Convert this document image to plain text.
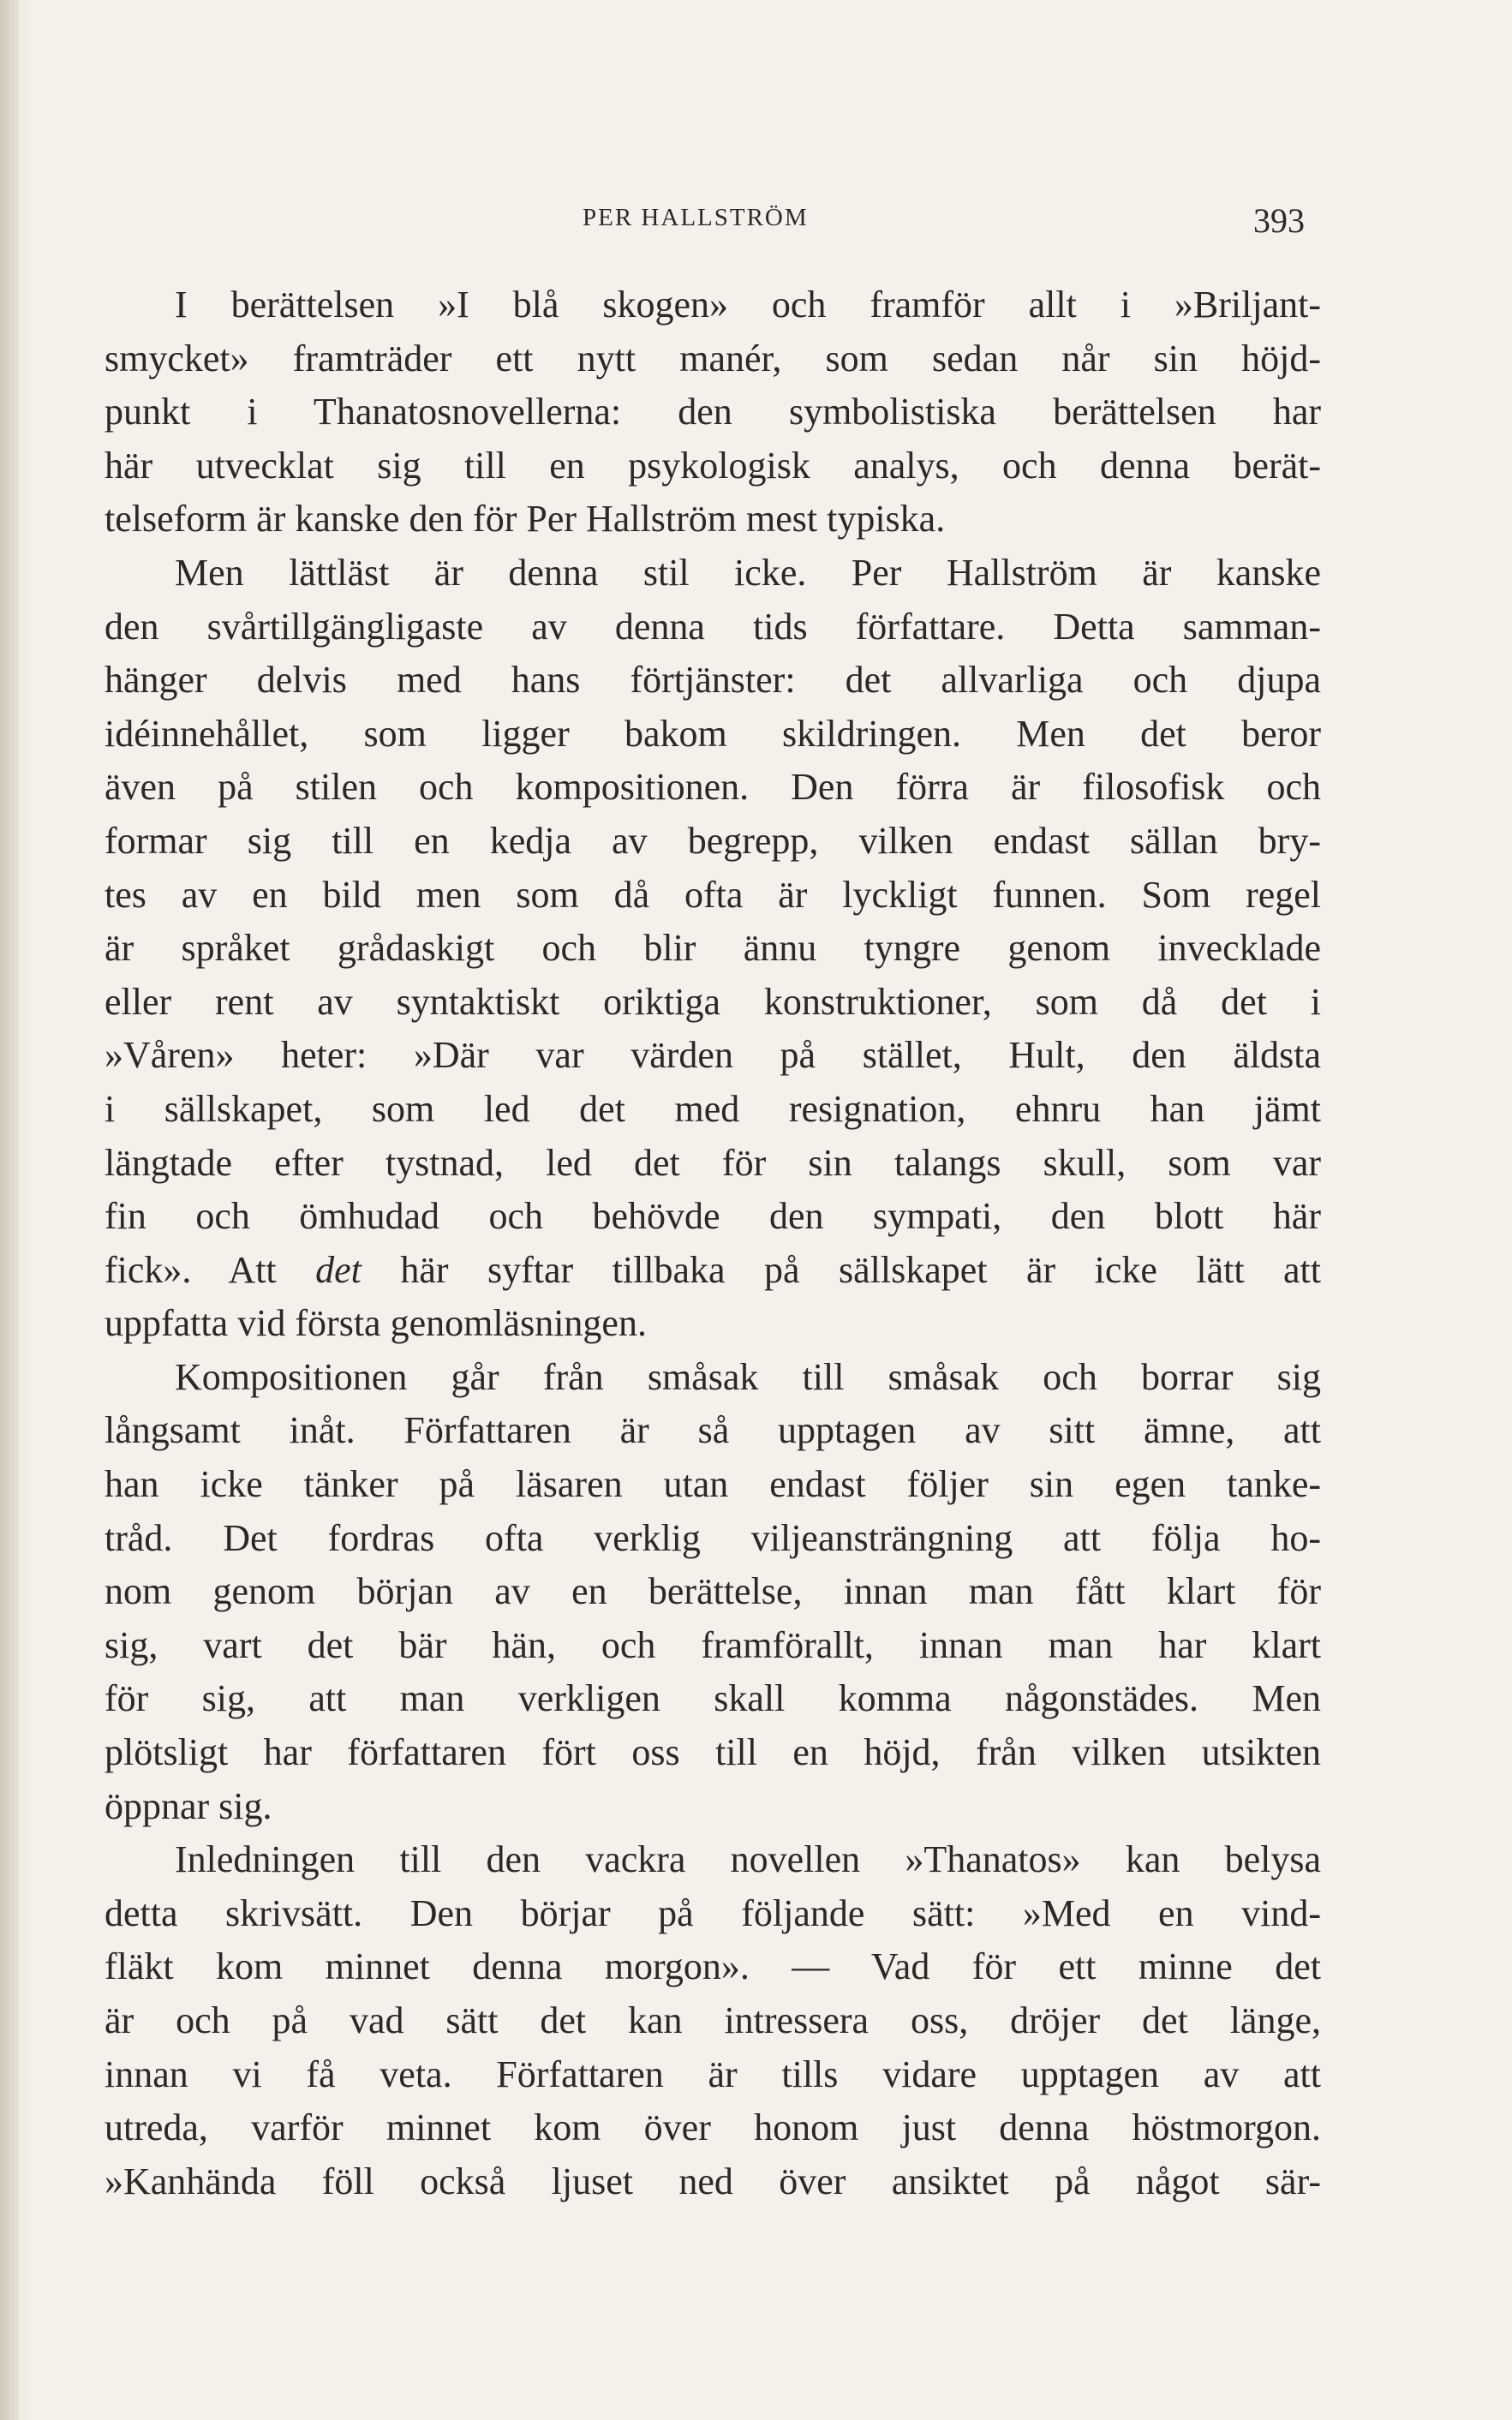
PER HALLSTRÖM	393
I berättelsen »I blå skogen» och framför allt i »Briljant-
smycket» framträder ett nytt manér, som sedan når sin höjd-
punkt i Thanatosnovellerna: den symbolistiska berättelsen har
här utvecklat sig till en psykologisk analys, och denna berät-
telseform är kanske den för Per Hallström mest typiska.
Men lättläst är denna stil icke. Per Hallström är kanske
den svårtillgängligaste av denna tids författare. Detta samman-
hänger delvis med hans förtjänster: det allvarliga och djupa
idéinnehållet, som ligger bakom skildringen. Men det beror
även på stilen och kompositionen. Den förra är filosofisk och
formar sig till en kedja av begrepp, vilken endast sällan bry-
tes av en bild men som då ofta är lyckligt funnen. Som regel
är språket grådaskigt och blir ännu tyngre genom invecklade
eller rent av syntaktiskt oriktiga konstruktioner, som då det i
»Våren» heter: »Där var värden på stället, Hult, den äldsta
i sällskapet, som led det med resignation, ehnru han jämt
längtade efter tystnad, led det för sin talangs skull, som var
fin och ömhudad och behövde den sympati, den blott här
fick». Att det här syftar tillbaka på sällskapet är icke lätt att
uppfatta vid första genomläsningen.
Kompositionen går från småsak till småsak och borrar sig
långsamt inåt. Författaren är så upptagen av sitt ämne, att
han icke tänker på läsaren utan endast följer sin egen tanke-
tråd. Det fordras ofta verklig viljeansträngning att följa ho-
nom genom början av en berättelse, innan man fått klart för
sig, vart det bär hän, och framförallt, innan man har klart
för sig, att man verkligen skall komma någonstädes. Men
plötsligt har författaren fört oss till en höjd, från vilken utsikten
öppnar sig.
Inledningen till den vackra novellen »Thanatos» kan belysa
detta skrivsätt. Den börjar på följande sätt: »Med en vind-
fläkt kom minnet denna morgon». — Vad för ett minne det
är och på vad sätt det kan intressera oss, dröjer det länge,
innan vi få veta. Författaren är tills vidare upptagen av att
utreda, varför minnet kom över honom just denna höstmorgon.
»Kanhända föll också ljuset ned över ansiktet på något sär-
